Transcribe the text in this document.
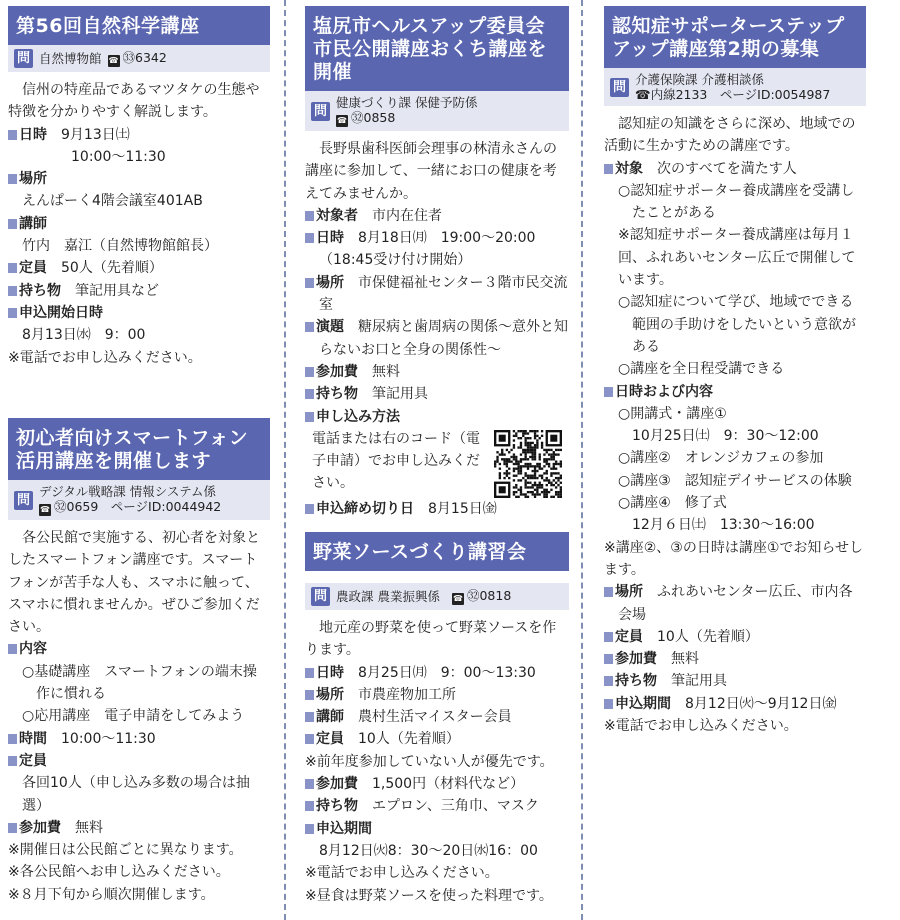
第56回自然科学講座
問 自然博物館 ☎ ㉝6342

信州の特産品であるマツタケの生態や特徴を分かりやすく解説します。

日時　 9月13日㈯

10:00～11:30

場所

えんぱーく4階会議室401AB

講師

竹内　嘉江（自然博物館館長）

定員　 50人（先着順）

持ち物　 筆記用具など

申込開始日時

8月13日㈬　9：00

※電話でお申し込みください。

初心者向けスマートフォン活用講座を開催します
問
デジタル戦略課 情報システム係
☎ ㉜0659　ページID:0044942

各公民館で実施する、初心者を対象としたスマートフォン講座です。スマートフォンが苦手な人も、スマホに触って、スマホに慣れませんか。ぜひご参加ください。

内容

○基礎講座　スマートフォンの端末操作に慣れる

○応用講座　電子申請をしてみよう

時間　 10:00～11:30

定員

各回10人（申し込み多数の場合は抽選）

参加費　 無料

※開催日は公民館ごとに異なります。

※各公民館へお申し込みください。

※８月下旬から順次開催します。

塩尻市ヘルスアップ委員会市民公開講座おくち講座を開催
問
健康づくり課 保健予防係
☎ ㉜0858

長野県歯科医師会理事の林清永さんの講座に参加して、一緒にお口の健康を考えてみませんか。

対象者　 市内在住者

日時　 8月18日㈪　19:00～20:00

（18:45受け付け開始）

場所　 市保健福祉センター３階市民交流室

演題　 糖尿病と歯周病の関係～意外と知らないお口と全身の関係性～

参加費　 無料

持ち物　 筆記用具

申し込み方法

電話または右のコード（電子申請）でお申し込みください。

申込締め切り日　 8月15日㈮

野菜ソースづくり講習会
問 農政課 農業振興係 ☎ ㉜0818

地元産の野菜を使って野菜ソースを作ります。

日時　 8月25日㈪　9：00～13:30

場所　 市農産物加工所

講師　 農村生活マイスター会員

定員　 10人（先着順）

※前年度参加していない人が優先です。

参加費　 1,500円（材料代など）

持ち物　 エプロン、三角巾、マスク

申込期間

8月12日㈫8：30～20日㈬16：00

※電話でお申し込みください。

※昼食は野菜ソースを使った料理です。

認知症サポーターステップアップ講座第2期の募集
問 介護保険課 介護相談係
☎内線2133　ページID:0054987

認知症の知識をさらに深め、地域での活動に生かすための講座です。

対象　 次のすべてを満たす人

○認知症サポーター養成講座を受講したことがある

※認知症サポーター養成講座は毎月１回、ふれあいセンター広丘で開催しています。

○認知症について学び、地域でできる範囲の手助けをしたいという意欲がある

○講座を全日程受講できる

日時および内容

○開講式・講座①

10月25日㈯　9：30～12:00

○講座②　オレンジカフェの参加

○講座③　認知症デイサービスの体験

○講座④　修了式

12月６日㈯　13:30～16:00

※講座②、③の日時は講座①でお知らせします。

場所　 ふれあいセンター広丘、市内各会場

定員　 10人（先着順）

参加費　 無料

持ち物　 筆記用具

申込期間　 8月12日㈫～9月12日㈮

※電話でお申し込みください。
